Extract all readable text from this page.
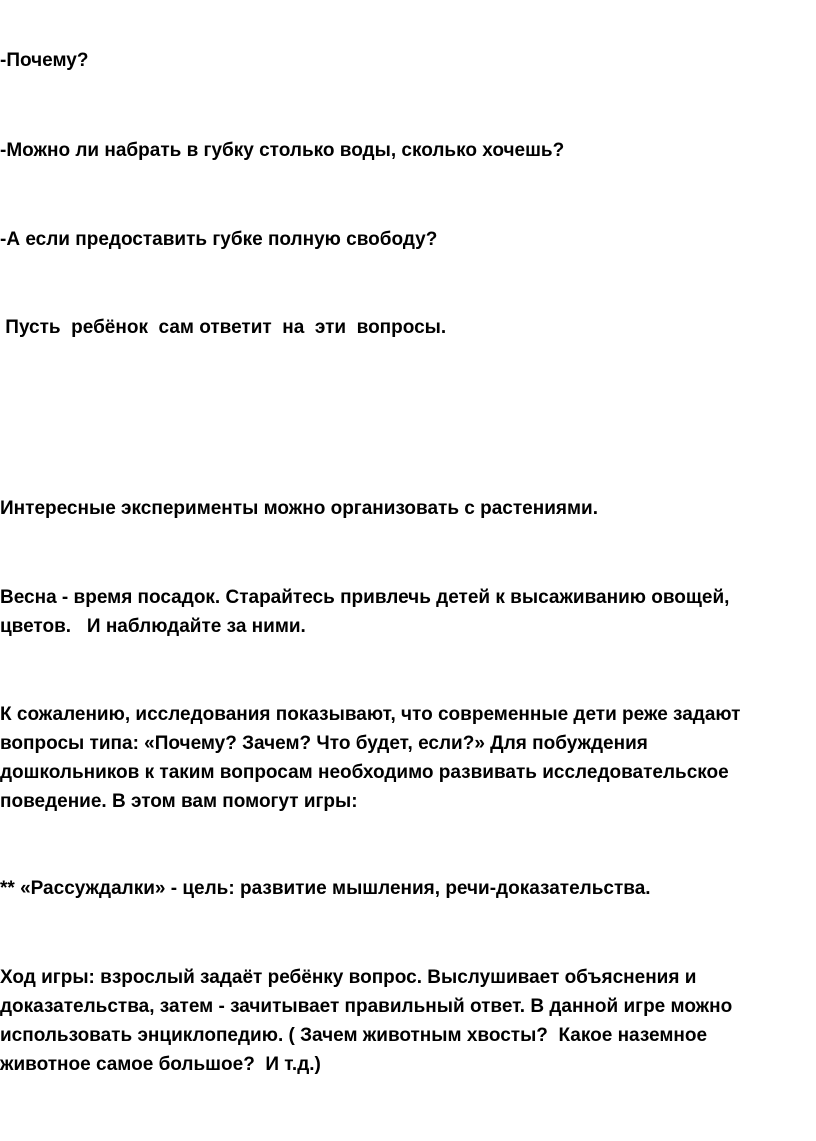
-Почему?

-Можно ли набрать в губку столько воды, сколько хочешь?

-А если предоставить губке полную свободу?

Пусть  ребёнок  сам ответит  на  эти  вопросы.

Интересные эксперименты можно организовать с растениями.

Весна - время посадок. Старайтесь привлечь детей к высаживанию овощей, цветов.   И наблюдайте за ними.

К сожалению, исследования показывают, что современные дети реже задают вопросы типа: «Почему? Зачем? Что будет, если?» Для побуждения дошкольников к таким вопросам необходимо развивать исследовательское поведение. В этом вам помогут игры:

** «Рассуждалки» - цель: развитие мышления, речи-доказательства.

Ход игры: взрослый задаёт ребёнку вопрос. Выслушивает объяснения и доказательства, затем - зачитывает правильный ответ. В данной игре можно использовать энциклопедию. ( Зачем животным хвосты?  Какое наземное животное самое большое?  И т.д.)
